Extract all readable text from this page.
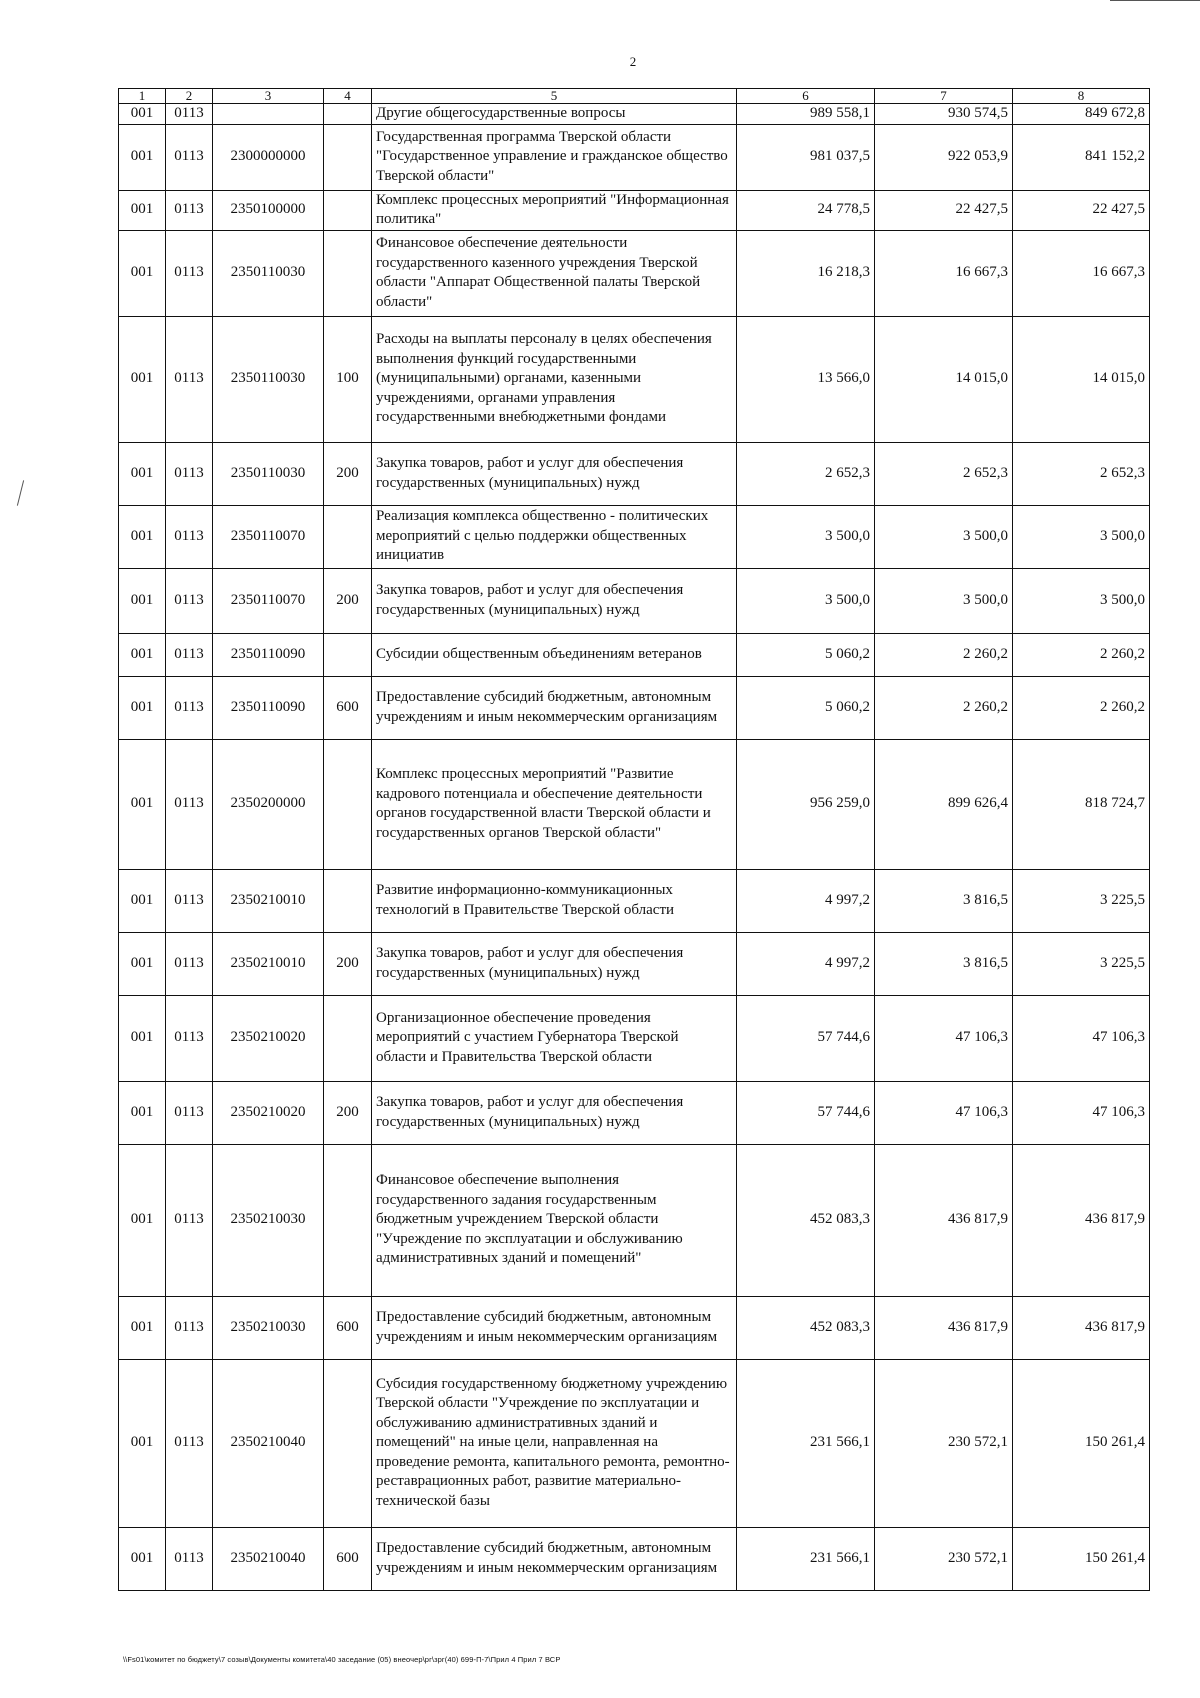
2
1	2	3	4	5	6	7	8
001	0113			Другие общегосударственные вопросы	989 558,1	930 574,5	849 672,8
001	0113	2300000000		Государственная программа Тверской области "Государственное управление и гражданское общество Тверской области"	981 037,5	922 053,9	841 152,2
001	0113	2350100000		Комплекс процессных мероприятий "Информационная политика"	24 778,5	22 427,5	22 427,5
001	0113	2350110030		Финансовое обеспечение деятельности государственного казенного учреждения Тверской области "Аппарат Общественной палаты Тверской области"	16 218,3	16 667,3	16 667,3
001	0113	2350110030	100	Расходы на выплаты персоналу в целях обеспечения выполнения функций государственными (муниципальными) органами, казенными учреждениями, органами управления государственными внебюджетными фондами	13 566,0	14 015,0	14 015,0
001	0113	2350110030	200	Закупка товаров, работ и услуг для обеспечения государственных (муниципальных) нужд	2 652,3	2 652,3	2 652,3
001	0113	2350110070		Реализация комплекса общественно - политических мероприятий с целью поддержки общественных инициатив	3 500,0	3 500,0	3 500,0
001	0113	2350110070	200	Закупка товаров, работ и услуг для обеспечения государственных (муниципальных) нужд	3 500,0	3 500,0	3 500,0
001	0113	2350110090		Субсидии общественным объединениям ветеранов	5 060,2	2 260,2	2 260,2
001	0113	2350110090	600	Предоставление субсидий бюджетным, автономным учреждениям и иным некоммерческим организациям	5 060,2	2 260,2	2 260,2
001	0113	2350200000		Комплекс процессных мероприятий "Развитие кадрового потенциала и обеспечение деятельности органов государственной власти Тверской области и государственных органов Тверской области"	956 259,0	899 626,4	818 724,7
001	0113	2350210010		Развитие информационно-коммуникационных технологий в Правительстве Тверской области	4 997,2	3 816,5	3 225,5
001	0113	2350210010	200	Закупка товаров, работ и услуг для обеспечения государственных (муниципальных) нужд	4 997,2	3 816,5	3 225,5
001	0113	2350210020		Организационное обеспечение проведения мероприятий с участием Губернатора Тверской области и Правительства Тверской области	57 744,6	47 106,3	47 106,3
001	0113	2350210020	200	Закупка товаров, работ и услуг для обеспечения государственных (муниципальных) нужд	57 744,6	47 106,3	47 106,3
001	0113	2350210030		Финансовое обеспечение выполнения государственного задания государственным бюджетным учреждением Тверской области "Учреждение по эксплуатации и обслуживанию административных зданий и помещений"	452 083,3	436 817,9	436 817,9
001	0113	2350210030	600	Предоставление субсидий бюджетным, автономным учреждениям и иным некоммерческим организациям	452 083,3	436 817,9	436 817,9
001	0113	2350210040		Субсидия государственному бюджетному учреждению Тверской области "Учреждение по эксплуатации и обслуживанию административных зданий и помещений" на иные цели, направленная на проведение ремонта, капитального ремонта, ремонтно-реставрационных работ, развитие материально-технической базы	231 566,1	230 572,1	150 261,4
001	0113	2350210040	600	Предоставление субсидий бюджетным, автономным учреждениям и иным некоммерческим организациям	231 566,1	230 572,1	150 261,4
\\Fs01\комитет по бюджету\7 созыв\Документы комитета\40 заседание (05) внеочер\рг\зрг(40) 699-П-7\Прил 4 Прил 7 ВСР
